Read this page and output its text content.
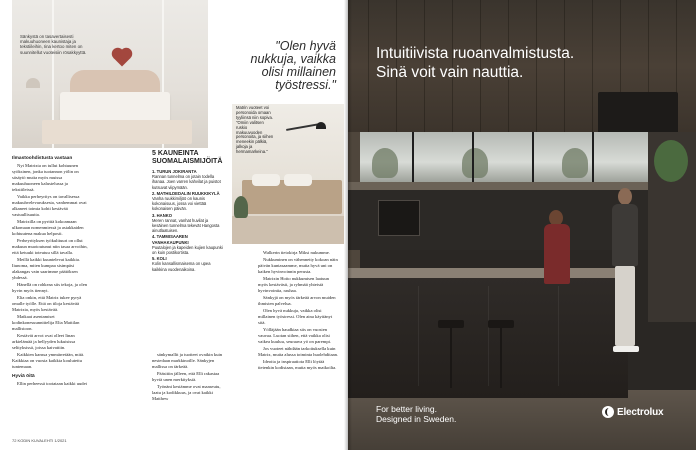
Sänkystä on tasavertaisesti makuuhuoneen kaunistaja ja tekstiileihin, Iina kertoo miten on suunnitellut vuoteisiin rösakkyyttä.	"Olen hyvä nukkuja, vaikka olisi millainen työstressi."
Matrin vuoteet voi personoida omaan tyyliinsä niin sopiva. "Omiin valitsen ruskio makuuvuoden personoita, ja siihen meneekin pälkiä, jalkoja ja hermamarkeina."

Ilmastoohdistusta vastaan

Nyt Matrixta on tullut kohtuunen syöksinen, jonka tuotannon yölin on säsäytö mutta myös muissa makuuhuoneen kalustelussa ja tekstiileissä.

Vaikka perheyritys on tavallisessa makuuhvelevaruksesta, vanhemmat ovat alkaneet toimia kohti kestävää vastuullisuutta.

Matrixilla on pyrittä kokoamaan ulkomaan nomenmiessä ja asiakkaiden kohtuutena makua helposti.

Perheyrityksen työkulttuuri on ollut makuun muotoutunut niin tasaa arvoihin, että ketuuki toteutuu sillä tavalla.

Meillä kaikki kuuntelevat kaikkia. Iiunoma, miten kumpaa sisimpäsi alakangas vain saarimme päätöksen yhdessä.

Hänellä on rohkeaa siis tekoja, ja olen hyvin myös tiennyt.

Elia onkin, että Matrix tukee pyryä omalle työlle. Että on tiloja kestävää Matrixia, myös kestävää.

Matkaat asentamiset kodinkonesuunnittelija Elia Mattilan mallistoon.

Kestävät arvot ovat olleet Iinan arkielämää ja hellyyden lukuisissa selityksissä, joissa kaivattiin.

Kaikkien kanssa ymmärretään, mitä. Kaikkiaa on vuosia kaikkia koulutettu tuntemaan.

Hyviä öitä

Ellin perheessä tootataan kaikki uudet

5 KAUNEINTA SUOMALAISMIJÖITÄ
1. TURUN JOKIRANTA
Rannan tunnelma on jotain todella ihanaa. Joen varren kahvilat ja puistot kutsuvat viipymään.
2. MATHILDEDALIN RUUKKIKYLÄ
Vanha ruukkimiljöö on kaunis kokonaisuus, jossa voi viettää kokonaisen päivän.
3. HANKO
Meren rannat, vanhat huvilat ja kesäinen tunnelma tekevät Hangosta ainutlaatuisen.
4. TAMMISAAREN VANHAKAUPUNKI
Puutalojen ja kapeiden kujien kaupunki on kuin postikortista.
5. KOLI
Kolin kansallismaisema on upea kaikkina vuodenaikoina.

sänkymallit ja tuotteet ovatkin kuin nestedaan markkinoille. Sänkyjen mallissa on tärkeää.

Pääsitiin jälleen, että Elli rakastaa hyviä unen merkityksiä.

Työnäni kestämme ovat maaseutu, laatu ja kodikkuus, ja ovat kaikki Matthew

Walkerin tietokirja Miksi nukumme.

Nukkuminen on vähennetty kokoan näin päivän kuntasaamme, mutta hyvä uni on kaiken hyvinvoinnin perusta.

Matrixin Hoito nukkumisen laatuun myös kestävästi, ja ryhmää yhteistä hyvinvointia, rauhaa.

Sänkyjä on myös tärkeää arvon muiden ihmisten palvelua.

Olen hyvä nukkuja, vaikka olisi millainen työstressi. Olen aina käyttänyt sitä.

Yölläjään haudkiaa siis on vuosien vauvaa. Luotan siihen, että vaikka olisi vaikea kuuluu, seuraava yö on parempi.

Jos vuoteet nähdään tarkoituksella kuin Matrix, mutta alussa toiminta huolehditaan.

Ideoita ja inspiraatiota Elli löytää tietenkin kodistaan, mutta myös matkoilta.

72 KODIN KUVALEHTI 1/2021
Intuitiivista ruoanvalmistusta.
Sinä voit vain nauttia.
For better living.
Designed in Sweden.
Electrolux
